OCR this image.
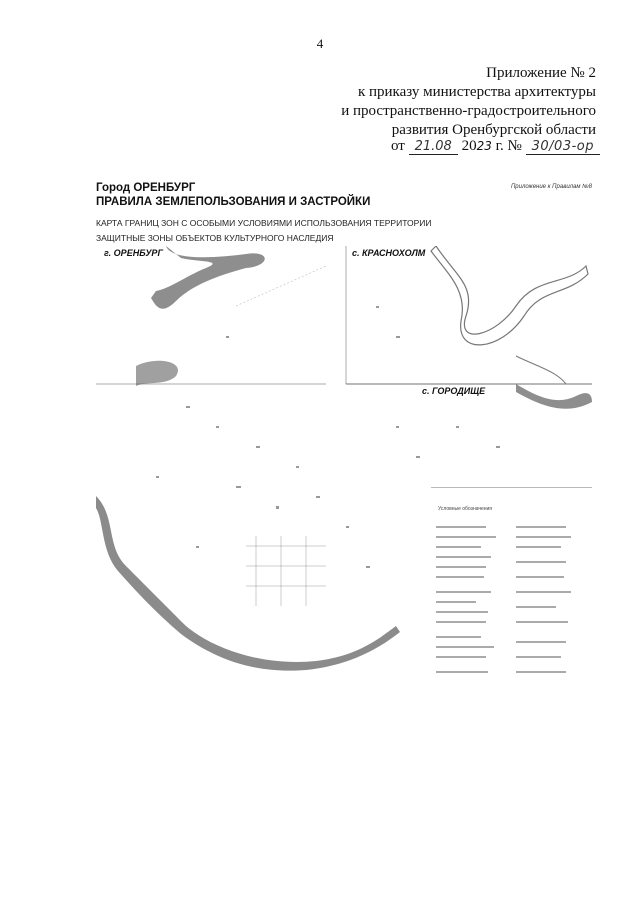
4
Приложение № 2
к приказу министерства архитектуры
и пространственно-градостроительного
развития Оренбургской области
от 21.08 2023 г. № 30/03-ор
Город ОРЕНБУРГ
ПРАВИЛА ЗЕМЛЕПОЛЬЗОВАНИЯ И ЗАСТРОЙКИ
Приложение к Правилам №8
КАРТА ГРАНИЦ ЗОН С ОСОБЫМИ УСЛОВИЯМИ ИСПОЛЬЗОВАНИЯ ТЕРРИТОРИИ
ЗАЩИТНЫЕ ЗОНЫ ОБЪЕКТОВ КУЛЬТУРНОГО НАСЛЕДИЯ
г. ОРЕНБУРГ	с. КРАСНОХОЛМ
с. ГОРОДИЩЕ
Условные обозначения
